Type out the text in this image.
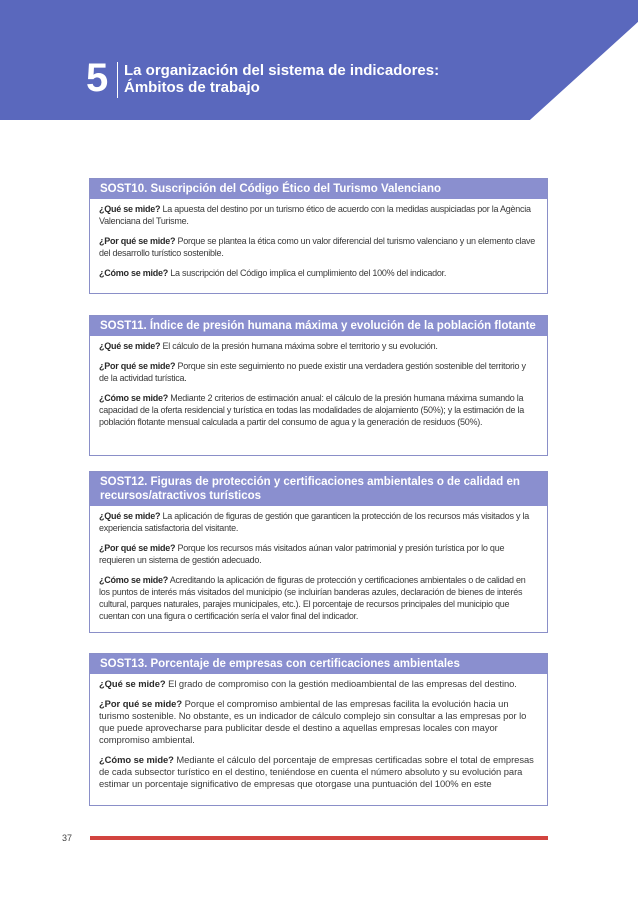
5 La organización del sistema de indicadores:
Ámbitos de trabajo
SOST10. Suscripción del Código Ético del Turismo Valenciano

¿Qué se mide? La apuesta del destino por un turismo ético de acuerdo con la medidas auspiciadas por la Agència Valenciana del Turisme.

¿Por qué se mide? Porque se plantea la ética como un valor diferencial del turismo valenciano y un elemento clave del desarrollo turístico sostenible.

¿Cómo se mide? La suscripción del Código implica el cumplimiento del 100% del indicador.

SOST11. Índice de presión humana máxima y evolución de la población flotante

¿Qué se mide? El cálculo de la presión humana máxima sobre el territorio y su evolución.

¿Por qué se mide? Porque sin este seguimiento no puede existir una verdadera gestión sostenible del territorio y de la actividad turística.

¿Cómo se mide? Mediante 2 criterios de estimación anual: el cálculo de la presión humana máxima sumando la capacidad de la oferta residencial y turística en todas las modalidades de alojamiento (50%); y la estimación de la población flotante mensual calculada a partir del consumo de agua y la generación de residuos (50%).

SOST12. Figuras de protección y certificaciones ambientales o de calidad en recursos/atractivos turísticos

¿Qué se mide? La aplicación de figuras de gestión que garanticen la protección de los recursos más visitados y la experiencia satisfactoria del visitante.

¿Por qué se mide? Porque los recursos más visitados aúnan valor patrimonial y presión turística por lo que requieren un sistema de gestión adecuado.

¿Cómo se mide? Acreditando la aplicación de figuras de protección y certificaciones ambientales o de calidad en los puntos de interés más visitados del municipio (se incluirían banderas azules, declaración de bienes de interés cultural, parques naturales, parajes municipales, etc.). El porcentaje de recursos principales del municipio que cuentan con una figura o certificación sería el valor final del indicador.

SOST13. Porcentaje de empresas con certificaciones ambientales

¿Qué se mide? El grado de compromiso con la gestión medioambiental de las empresas del destino.

¿Por qué se mide? Porque el compromiso ambiental de las empresas facilita la evolución hacia un turismo sostenible. No obstante, es un indicador de cálculo complejo sin consultar a las empresas por lo que puede aprovecharse para publicitar desde el destino a aquellas empresas locales con mayor compromiso ambiental.

¿Cómo se mide? Mediante el cálculo del porcentaje de empresas certificadas sobre el total de empresas de cada subsector turístico en el destino, teniéndose en cuenta el número absoluto y su evolución para estimar un porcentaje significativo de empresas que otorgase una puntuación del 100% en este

37
